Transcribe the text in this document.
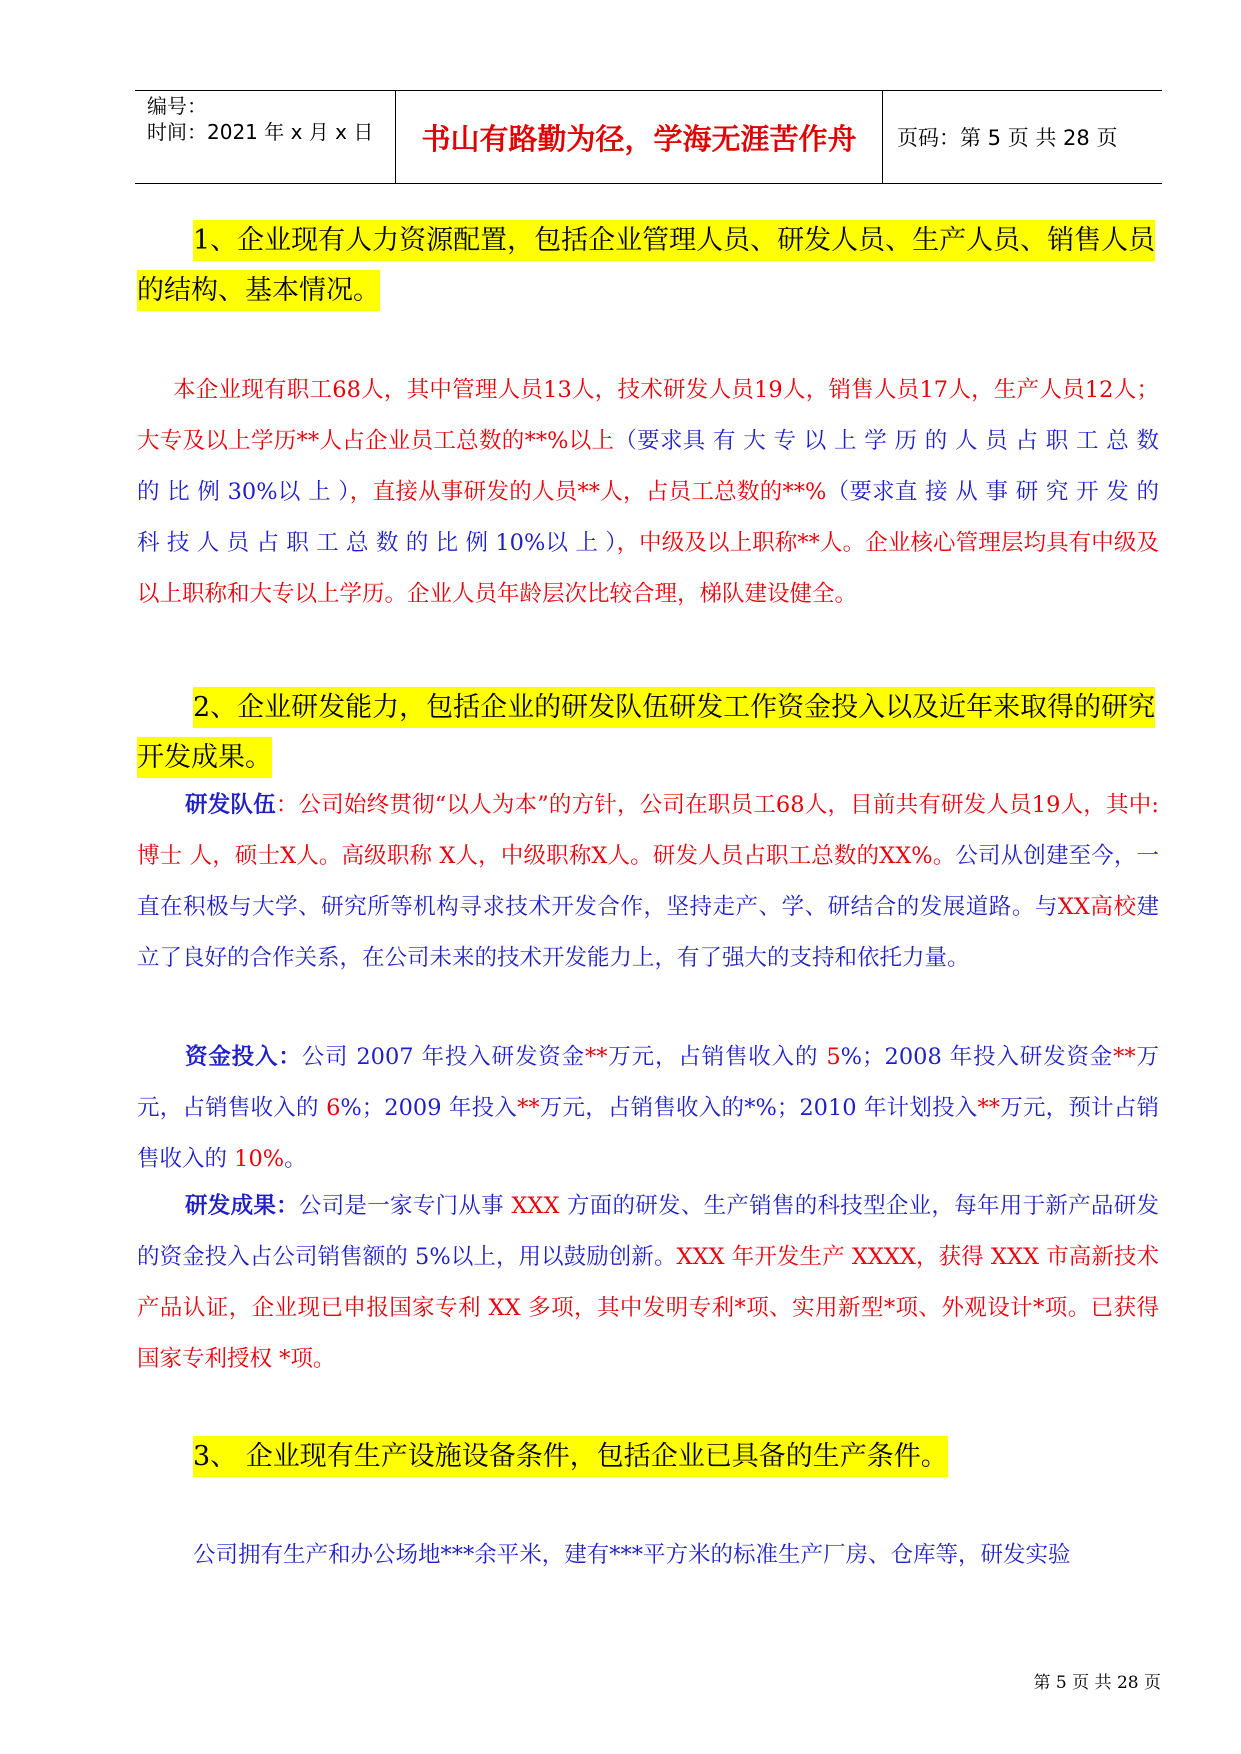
编号：
时间：2021 年 x 月 x 日	书山有路勤为径，学海无涯苦作舟	页码：第 5 页 共 28 页
1、企业现有人力资源配置，包括企业管理人员、研发人员、生产人员、销售人员的结构、基本情况。
本企业现有职工68人，其中管理人员13人，技术研发人员19人，销售人员17人，生产人员12人；大专及以上学历**人占企业员工总数的**%以上（要求具 有 大 专 以 上 学 历 的 人 员 占 职 工 总 数 的 比 例 30%以 上 ），直接从事研发的人员**人，占员工总数的**%（要求直 接 从 事 研 究 开 发 的 科 技 人 员 占 职 工 总 数 的 比 例 10%以 上 ），中级及以上职称**人。企业核心管理层均具有中级及以上职称和大专以上学历。企业人员年龄层次比较合理，梯队建设健全。
2、企业研发能力，包括企业的研发队伍研发工作资金投入以及近年来取得的研究开发成果。
研发队伍：公司始终贯彻“以人为本”的方针，公司在职员工68人，目前共有研发人员19人，其中: 博士 人，硕士X人。高级职称 X人，中级职称X人。研发人员占职工总数的XX%。公司从创建至今，一直在积极与大学、研究所等机构寻求技术开发合作，坚持走产、学、研结合的发展道路。与XX高校建立了良好的合作关系，在公司未来的技术开发能力上，有了强大的支持和依托力量。
资金投入：公司 2007 年投入研发资金**万元，占销售收入的 5%；2008 年投入研发资金**万元，占销售收入的 6%；2009 年投入**万元，占销售收入的*%；2010 年计划投入**万元，预计占销售收入的 10%。
研发成果：公司是一家专门从事 XXX 方面的研发、生产销售的科技型企业，每年用于新产品研发的资金投入占公司销售额的 5%以上，用以鼓励创新。XXX 年开发生产 XXXX，获得 XXX 市高新技术产品认证，企业现已申报国家专利 XX 多项，其中发明专利*项、实用新型*项、外观设计*项。已获得国家专利授权 *项。
3、 企业现有生产设施设备条件，包括企业已具备的生产条件。
公司拥有生产和办公场地***余平米，建有***平方米的标准生产厂房、仓库等，研发实验
第 5 页 共 28 页
